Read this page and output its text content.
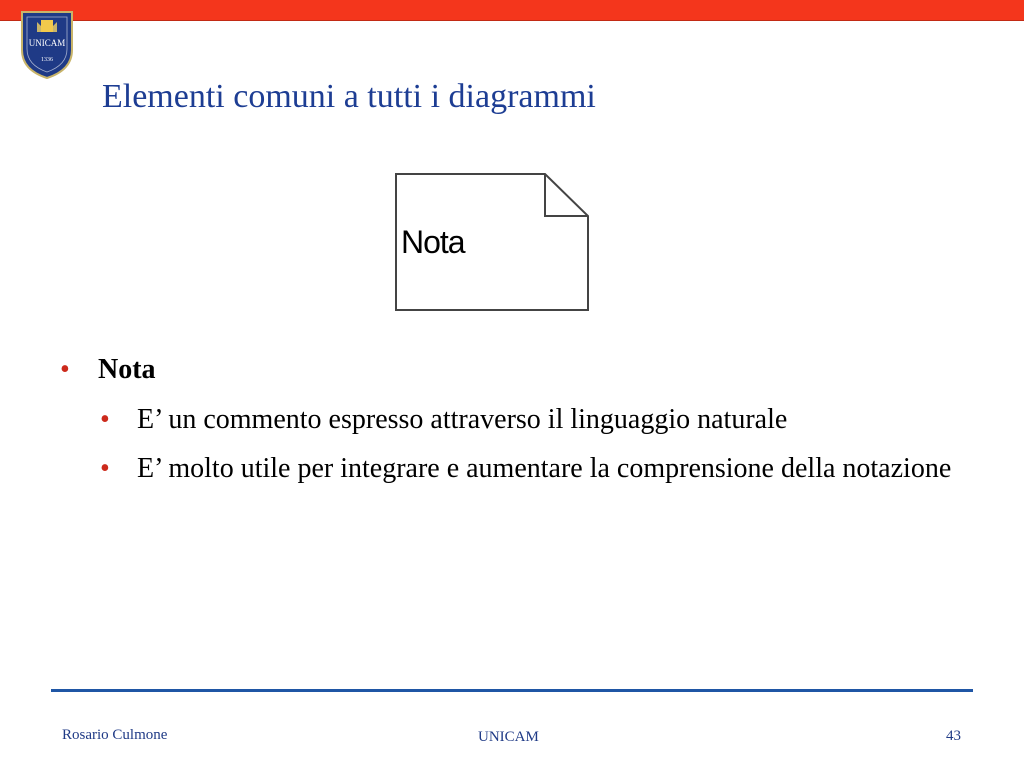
UNICAM
1336
Elementi comuni a tutti i diagrammi
Nota
• Nota
• E’ un commento espresso attraverso il linguaggio naturale
• E’ molto utile per integrare e aumentare la comprensione della notazione
Rosario Culmone	UNICAM	43
